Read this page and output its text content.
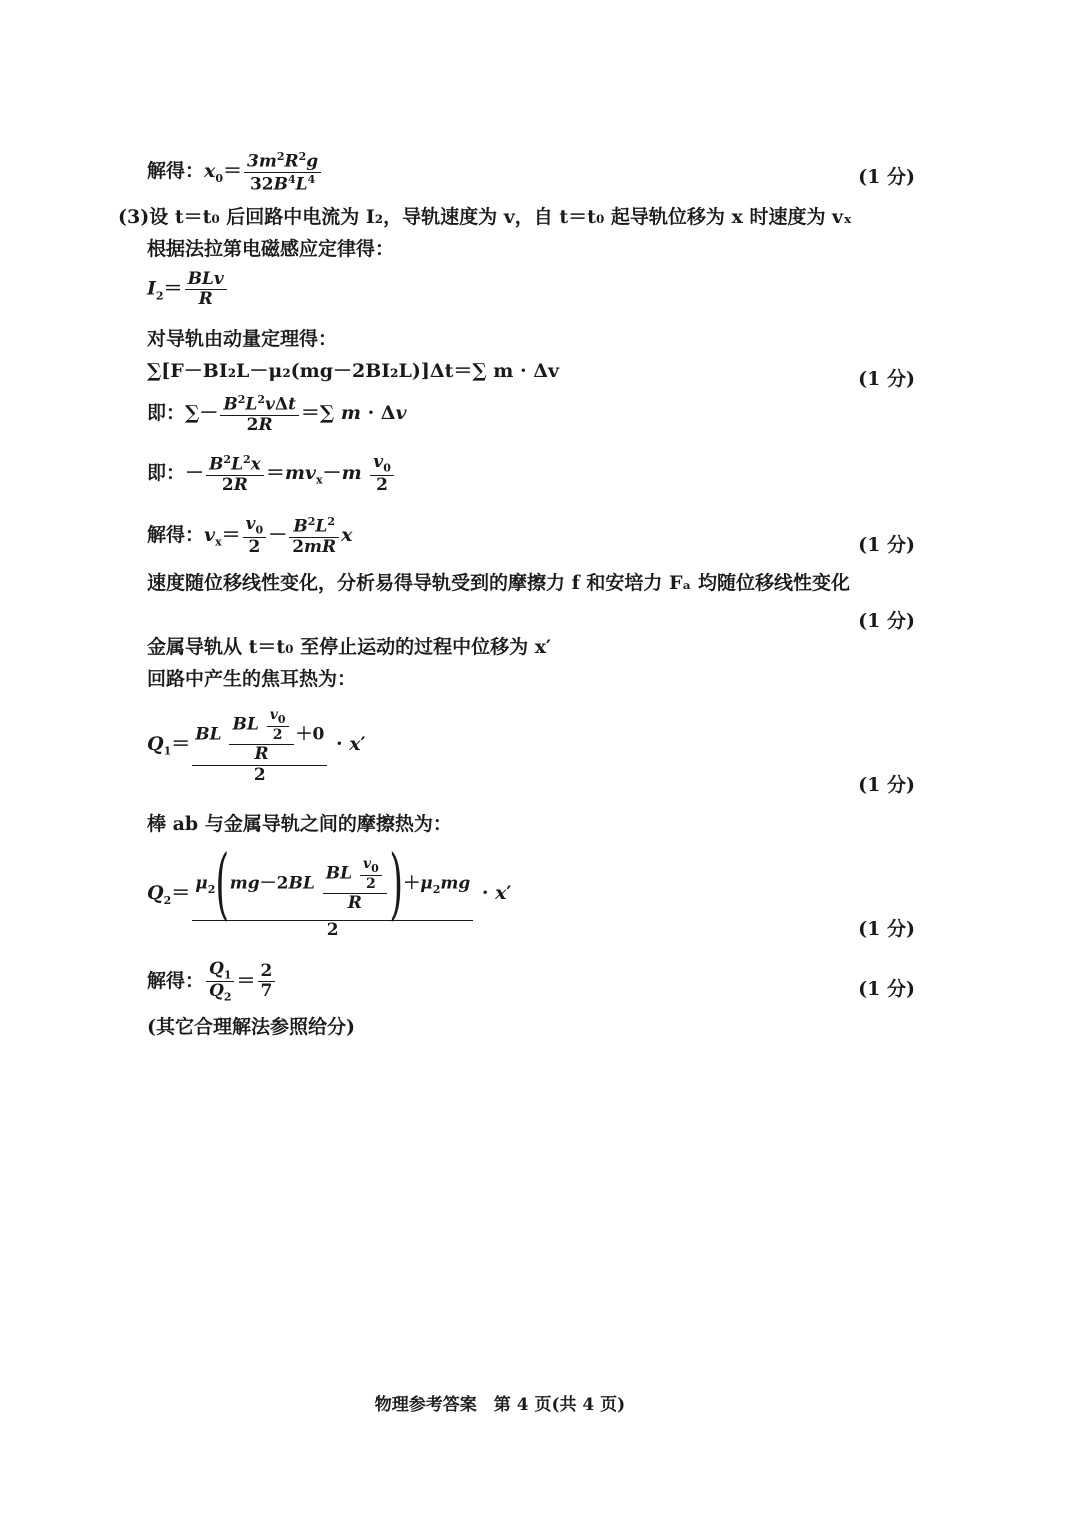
解得：$x_0= \frac{3m^2R^2g}{32B^4L^4}$	(1 分)
(3)设 t＝t₀ 后回路中电流为 I₂，导轨速度为 v，自 t＝t₀ 起导轨位移为 x 时速度为 vₓ
根据法拉第电磁感应定律得：
$I_2= \frac{\text{BLv}}{R}$
对导轨由动量定理得：
∑[F－BI₂L－μ₂(mg－2BI₂L)]Δt＝∑ m · Δv	(1 分)
即：∑－ $\frac{B^2L^2v\Delta t}{2R}$ ＝∑ m · Δv
即：－ $\frac{B^2L^2x}{2R} =mv_x-m \frac{v_0}{2}$
解得：$v_x= \frac{v_0}{2} - \frac{B^2L^2}{2mR}$ x	(1 分)
速度随位移线性变化，分析易得导轨受到的摩擦力 f 和安培力 Fₐ 均随位移线性变化
(1 分)
金属导轨从 t＝t₀ 至停止运动的过程中位移为 x′
回路中产生的焦耳热为：
$Q_1= \frac{BL \frac{BL \frac{v_0}{2}}{R} +0}{2} \cdot x'$
(1 分)
棒 ab 与金属导轨之间的摩擦热为：
$Q_2= \frac{\mu_2(mg-2BL \frac{BL \frac{v_0}{2}}{R} )+\mu_2mg}{2} \cdot x'$
(1 分)
解得： $\frac{Q_1}{Q_2} = \frac{2}{7}$	(1 分)
(其它合理解法参照给分)
物理参考答案　第 4 页(共 4 页)
